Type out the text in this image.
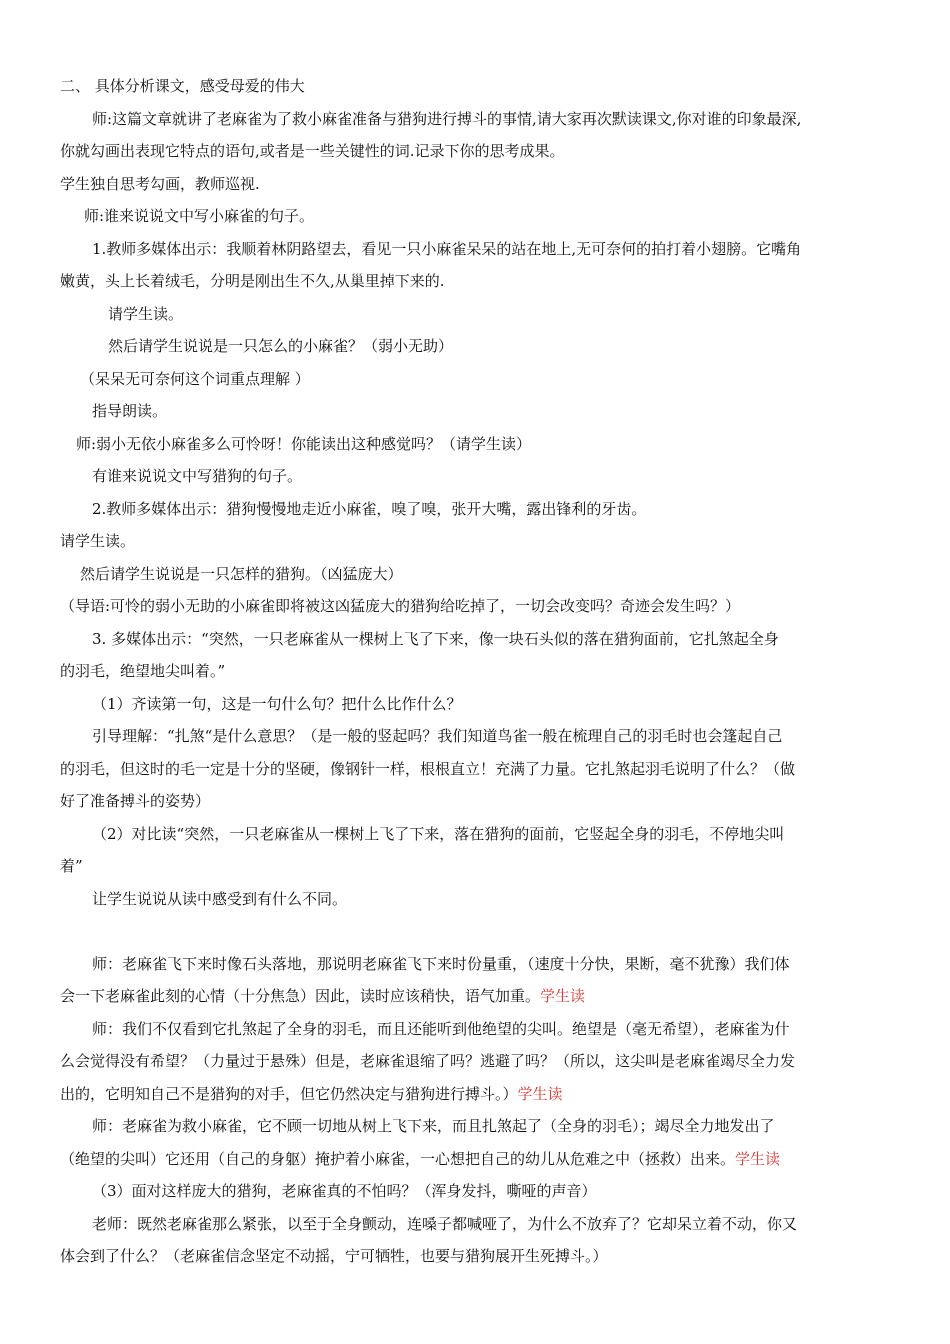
二、 具体分析课文，感受母爱的伟大

师:这篇文章就讲了老麻雀为了救小麻雀准备与猎狗进行搏斗的事情,请大家再次默读课文,你对谁的印象最深,

你就勾画出表现它特点的语句,或者是一些关键性的词.记录下你的思考成果。

学生独自思考勾画，教师巡视.

师:谁来说说文中写小麻雀的句子。

1.教师多媒体出示：我顺着林阴路望去，看见一只小麻雀呆呆的站在地上,无可奈何的拍打着小翅膀。它嘴角

嫩黄，头上长着绒毛，分明是刚出生不久,从巢里掉下来的.

请学生读。

然后请学生说说是一只怎么的小麻雀？（弱小无助）

（呆呆无可奈何这个词重点理解 ）

指导朗读。

师:弱小无依小麻雀多么可怜呀！你能读出这种感觉吗？（请学生读）

有谁来说说文中写猎狗的句子。

2.教师多媒体出示：猎狗慢慢地走近小麻雀，嗅了嗅，张开大嘴，露出锋利的牙齿。

请学生读。

然后请学生说说是一只怎样的猎狗。（凶猛庞大）

（导语:可怜的弱小无助的小麻雀即将被这凶猛庞大的猎狗给吃掉了，一切会改变吗？奇迹会发生吗？）

3. 多媒体出示：“突然，一只老麻雀从一棵树上飞了下来，像一块石头似的落在猎狗面前，它扎煞起全身

的羽毛，绝望地尖叫着。”

（1）齐读第一句，这是一句什么句？把什么比作什么？

引导理解：“扎煞“是什么意思？（是一般的竖起吗？我们知道鸟雀一般在梳理自己的羽毛时也会篷起自己

的羽毛，但这时的毛一定是十分的坚硬，像钢针一样，根根直立！充满了力量。它扎煞起羽毛说明了什么？（做

好了准备搏斗的姿势）

（2）对比读“突然，一只老麻雀从一棵树上飞了下来，落在猎狗的面前，它竖起全身的羽毛，不停地尖叫

着”

让学生说说从读中感受到有什么不同。

师：老麻雀飞下来时像石头落地，那说明老麻雀飞下来时份量重，（速度十分快，果断，毫不犹豫）我们体

会一下老麻雀此刻的心情（十分焦急）因此，读时应该稍快，语气加重。学生读

师：我们不仅看到它扎煞起了全身的羽毛，而且还能听到他绝望的尖叫。绝望是（毫无希望），老麻雀为什

么会觉得没有希望？（力量过于悬殊）但是，老麻雀退缩了吗？逃避了吗？（所以，这尖叫是老麻雀竭尽全力发

出的，它明知自己不是猎狗的对手，但它仍然决定与猎狗进行搏斗。）学生读

师：老麻雀为救小麻雀，它不顾一切地从树上飞下来，而且扎煞起了（全身的羽毛）；竭尽全力地发出了

（绝望的尖叫）它还用（自己的身躯）掩护着小麻雀，一心想把自己的幼儿从危难之中（拯救）出来。学生读

（3）面对这样庞大的猎狗，老麻雀真的不怕吗？（浑身发抖，嘶哑的声音）

老师：既然老麻雀那么紧张，以至于全身颤动，连嗓子都喊哑了，为什么不放弃了？它却呆立着不动，你又

体会到了什么？（老麻雀信念坚定不动摇，宁可牺牲，也要与猎狗展开生死搏斗。）
